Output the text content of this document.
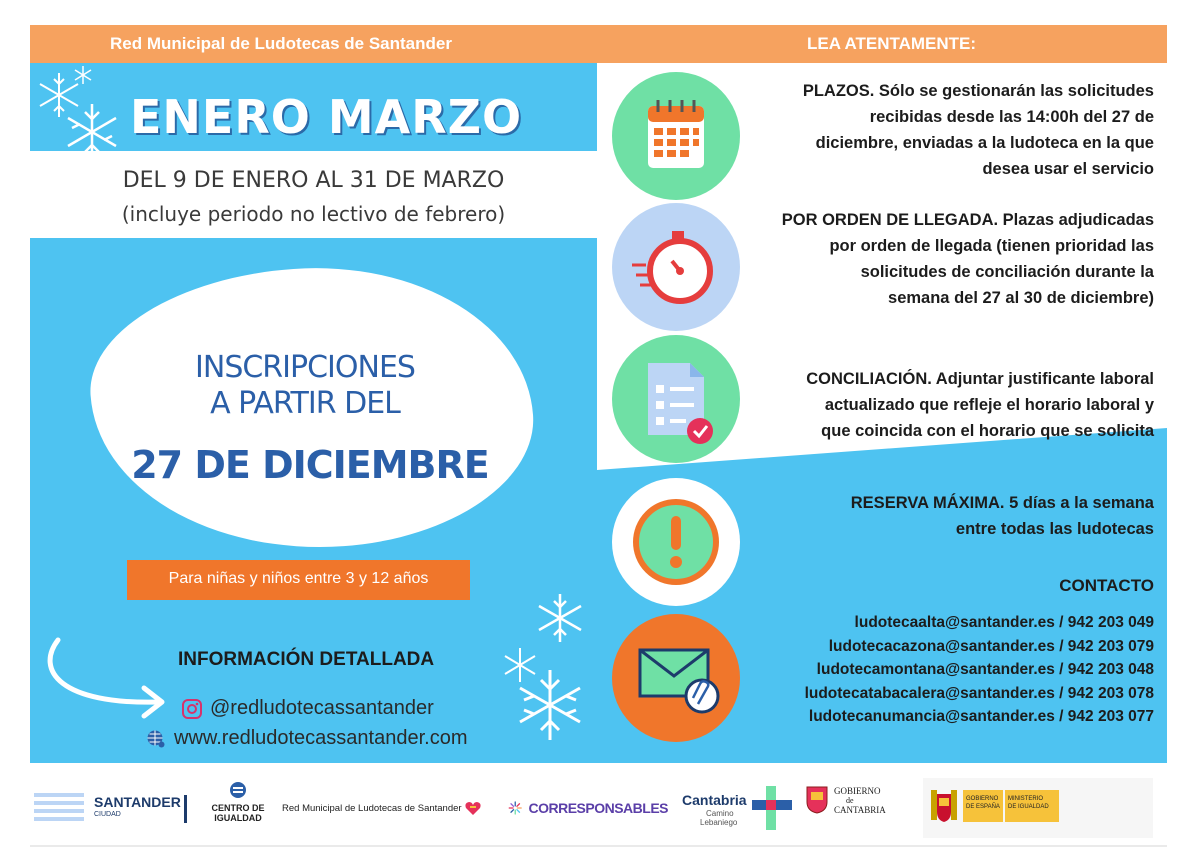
Red Municipal de Ludotecas de Santander	LEA ATENTAMENTE:
ENERO MARZO
DEL 9 DE ENERO AL 31 DE MARZO
(incluye periodo no lectivo de febrero)
INSCRIPCIONES
A PARTIR DEL
27 DE DICIEMBRE
Para niñas y niños entre 3 y 12 años
INFORMACIÓN DETALLADA
@redludotecassantander
www.redludotecassantander.com
PLAZOS. Sólo se gestionarán las solicitudes
recibidas desde las 14:00h del 27 de
diciembre, enviadas a la ludoteca en la que
desea usar el servicio
POR ORDEN DE LLEGADA. Plazas adjudicadas
por orden de llegada (tienen prioridad las
solicitudes de conciliación durante la
semana del 27 al 30 de diciembre)
CONCILIACIÓN. Adjuntar justificante laboral
actualizado que refleje el horario laboral y
que coincida con el horario que se solicita
RESERVA MÁXIMA. 5 días a la semana
entre todas las ludotecas
CONTACTO
ludotecaalta@santander.es / 942 203 049
ludotecacazona@santander.es / 942 203 079
ludotecamontana@santander.es / 942 203 048
ludotecatabacalera@santander.es / 942 203 078
ludotecanumancia@santander.es / 942 203 077
SANTANDER
CIUDAD
CENTRO DE
IGUALDAD
Red Municipal de Ludotecas de Santander	CORRESPONSABLES Cantabria
Camino
Lebaniego
GOBIERNO
de
CANTABRIA
GOBIERNO
DE ESPAÑA
MINISTERIO
DE IGUALDAD
